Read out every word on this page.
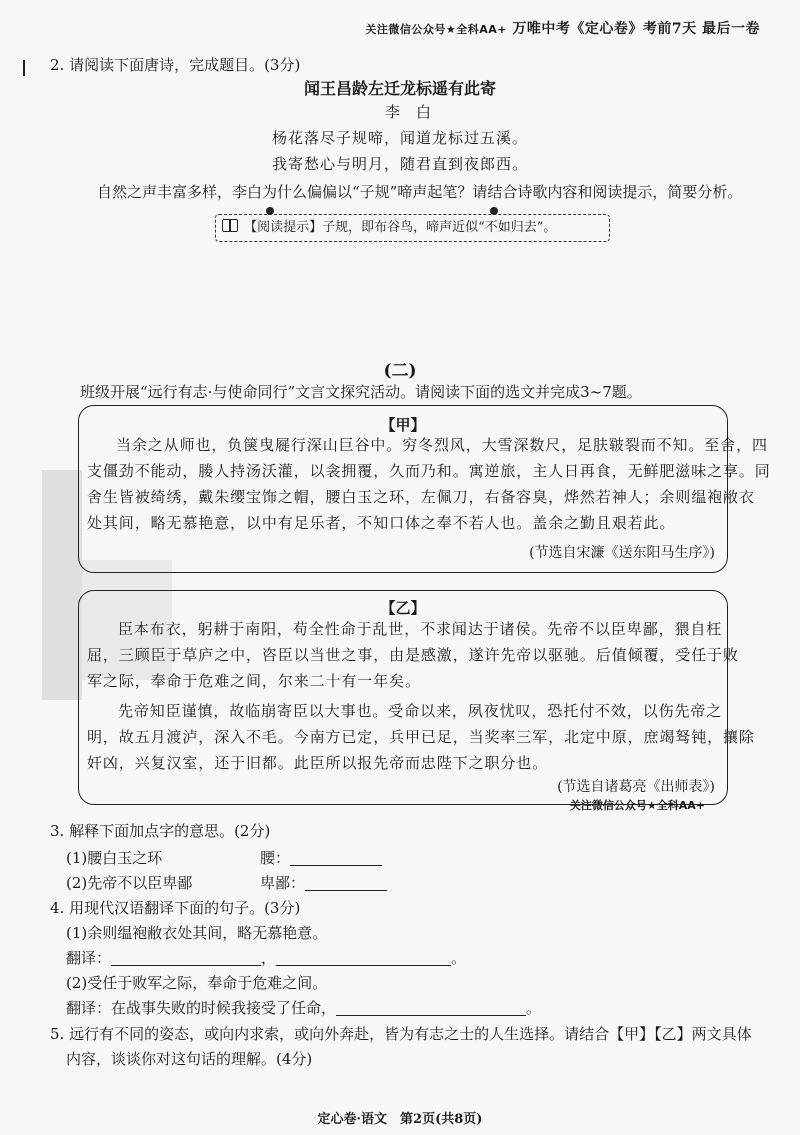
关注微信公众号★全科AA+ 万唯中考《定心卷》考前7天 最后一卷
2. 请阅读下面唐诗，完成题目。(3分)
闻王昌龄左迁龙标遥有此寄
李白
杨花落尽子规啼，闻道龙标过五溪。
我寄愁心与明月，随君直到夜郎西。
自然之声丰富多样，李白为什么偏偏以“子规”啼声起笔？请结合诗歌内容和阅读提示，简要分析。
【阅读提示】子规，即布谷鸟，啼声近似“不如归去”。
(二)
班级开展“远行有志·与使命同行”文言文探究活动。请阅读下面的选文并完成3~7题。
【甲】
当余之从师也，负箧曳屣行深山巨谷中。穷冬烈风，大雪深数尺，足肤皲裂而不知。至舍，四
支僵劲不能动，媵人持汤沃灌，以衾拥覆，久而乃和。寓逆旅，主人日再食，无鲜肥滋味之享。同
舍生皆被绮绣，戴朱缨宝饰之帽，腰白玉之环，左佩刀，右备容臭，烨然若神人；余则缊袍敝衣
处其间，略无慕艳意，以中有足乐者，不知口体之奉不若人也。盖余之勤且艰若此。
(节选自宋濂《送东阳马生序》)
【乙】
臣本布衣，躬耕于南阳，苟全性命于乱世，不求闻达于诸侯。先帝不以臣卑鄙，猥自枉
屈，三顾臣于草庐之中，咨臣以当世之事，由是感激，遂许先帝以驱驰。后值倾覆，受任于败
军之际，奉命于危难之间，尔来二十有一年矣。
先帝知臣谨慎，故临崩寄臣以大事也。受命以来，夙夜忧叹，恐托付不效，以伤先帝之
明，故五月渡泸，深入不毛。今南方已定，兵甲已足，当奖率三军，北定中原，庶竭驽钝，攘除
奸凶，兴复汉室，还于旧都。此臣所以报先帝而忠陛下之职分也。
(节选自诸葛亮《出师表》)
关注微信公众号★全科AA+
3. 解释下面加点字的意思。(2分)
(1)腰白玉之环	腰：
(2)先帝不以臣卑鄙	卑鄙：
4. 用现代汉语翻译下面的句子。(3分)
(1)余则缊袍敝衣处其间，略无慕艳意。
翻译：	，	。
(2)受任于败军之际，奉命于危难之间。
翻译：在战事失败的时候我接受了任命，	。
5. 远行有不同的姿态，或向内求索，或向外奔赴，皆为有志之士的人生选择。请结合【甲】【乙】两文具体
内容，谈谈你对这句话的理解。(4分)
定心卷·语文　第2页(共8页)
